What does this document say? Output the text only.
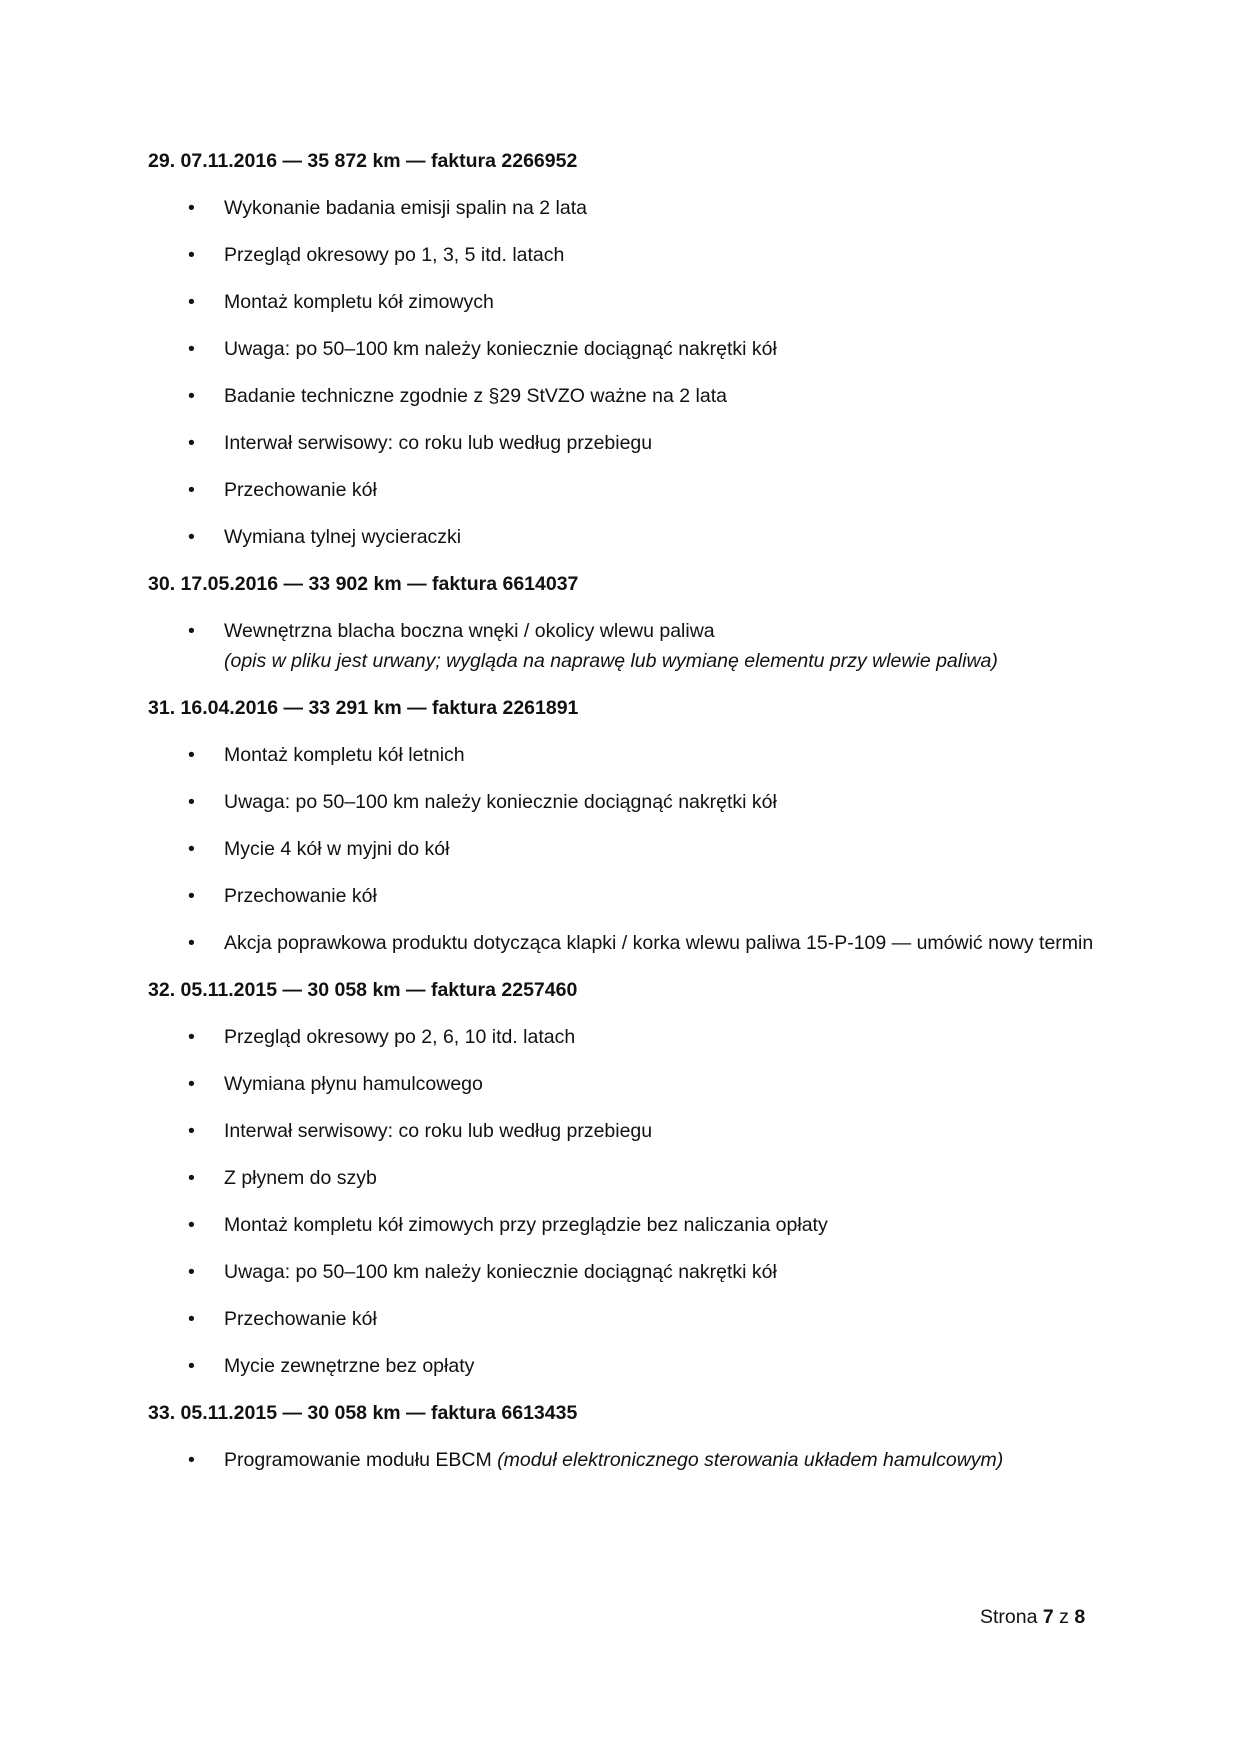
29. 07.11.2016 — 35 872 km — faktura 2266952
• Wykonanie badania emisji spalin na 2 lata
• Przegląd okresowy po 1, 3, 5 itd. latach
• Montaż kompletu kół zimowych
• Uwaga: po 50–100 km należy koniecznie dociągnąć nakrętki kół
• Badanie techniczne zgodnie z §29 StVZO ważne na 2 lata
• Interwał serwisowy: co roku lub według przebiegu
• Przechowanie kół
• Wymiana tylnej wycieraczki
30. 17.05.2016 — 33 902 km — faktura 6614037
• Wewnętrzna blacha boczna wnęki / okolicy wlewu paliwa
(opis w pliku jest urwany; wygląda na naprawę lub wymianę elementu przy wlewie paliwa)
31. 16.04.2016 — 33 291 km — faktura 2261891
• Montaż kompletu kół letnich
• Uwaga: po 50–100 km należy koniecznie dociągnąć nakrętki kół
• Mycie 4 kół w myjni do kół
• Przechowanie kół
• Akcja poprawkowa produktu dotycząca klapki / korka wlewu paliwa 15-P-109 — umówić nowy termin
32. 05.11.2015 — 30 058 km — faktura 2257460
• Przegląd okresowy po 2, 6, 10 itd. latach
• Wymiana płynu hamulcowego
• Interwał serwisowy: co roku lub według przebiegu
• Z płynem do szyb
• Montaż kompletu kół zimowych przy przeglądzie bez naliczania opłaty
• Uwaga: po 50–100 km należy koniecznie dociągnąć nakrętki kół
• Przechowanie kół
• Mycie zewnętrzne bez opłaty
33. 05.11.2015 — 30 058 km — faktura 6613435
• Programowanie modułu EBCM (moduł elektronicznego sterowania układem hamulcowym)
Strona 7 z 8
